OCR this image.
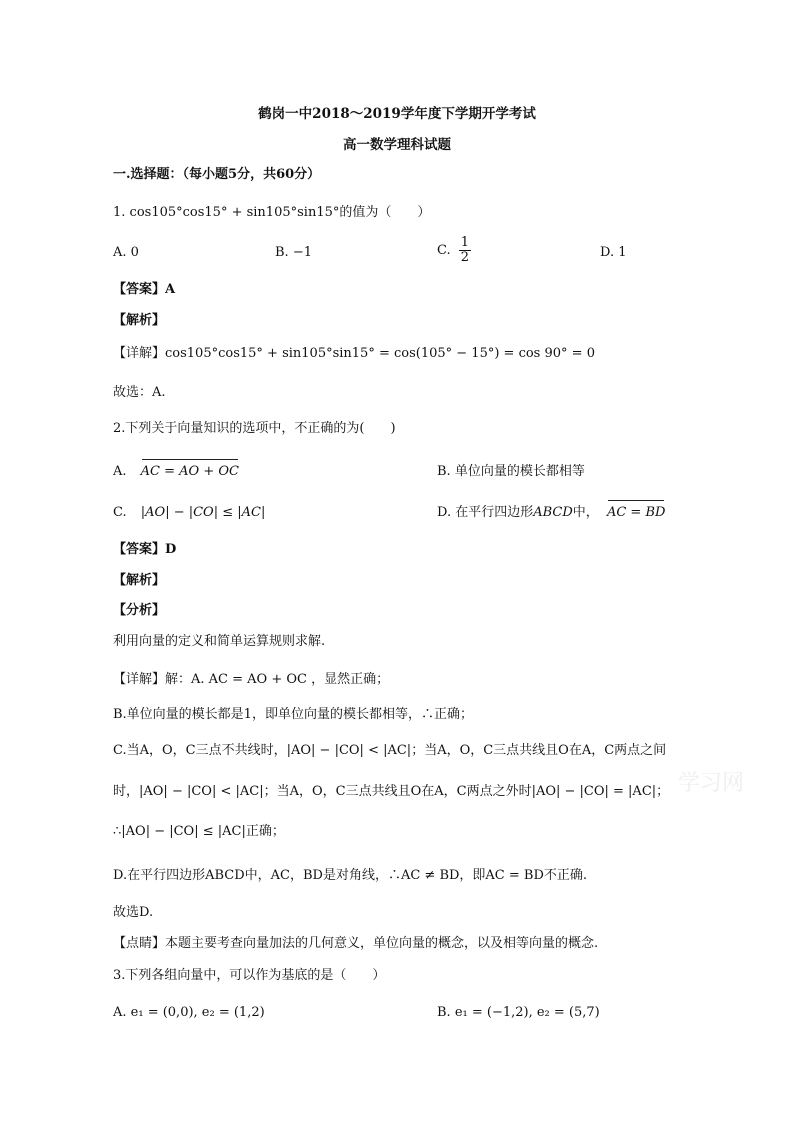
鹤岗一中2018～2019学年度下学期开学考试
高一数学理科试题
一.选择题：（每小题5分，共60分）
1. cos105°cos15° + sin105°sin15°的值为（　　）
A. 0	B. −1	C. $\frac{1}{2}$	D. 1
【答案】A
【解析】
【详解】cos105°cos15° + sin105°sin15° = cos(105° − 15°) = cos 90° = 0
故选：A.
2.下列关于向量知识的选项中，不正确的为(　　)
A. AC = AO + OC	B. 单位向量的模长都相等
C. |AO| − |CO| ≤ |AC|	D. 在平行四边形ABCD中， AC = BD
【答案】D
【解析】
【分析】
利用向量的定义和简单运算规则求解.
【详解】解：A. AC = AO + OC ，显然正确；
B.单位向量的模长都是1，即单位向量的模长都相等，∴正确；
C.当A，O，C三点不共线时，|AO| − |CO| < |AC|；当A，O，C三点共线且O在A，C两点之间
时，|AO| − |CO| < |AC|；当A，O，C三点共线且O在A，C两点之外时|AO| − |CO| = |AC|；
∴|AO| − |CO| ≤ |AC|正确；
D.在平行四边形ABCD中，AC，BD是对角线，∴AC ≠ BD，即AC = BD不正确.
故选D.
【点睛】本题主要考查向量加法的几何意义，单位向量的概念，以及相等向量的概念.
3.下列各组向量中，可以作为基底的是（　　）
A. e₁ = (0,0), e₂ = (1,2)	B. e₁ = (−1,2), e₂ = (5,7)
学习网
